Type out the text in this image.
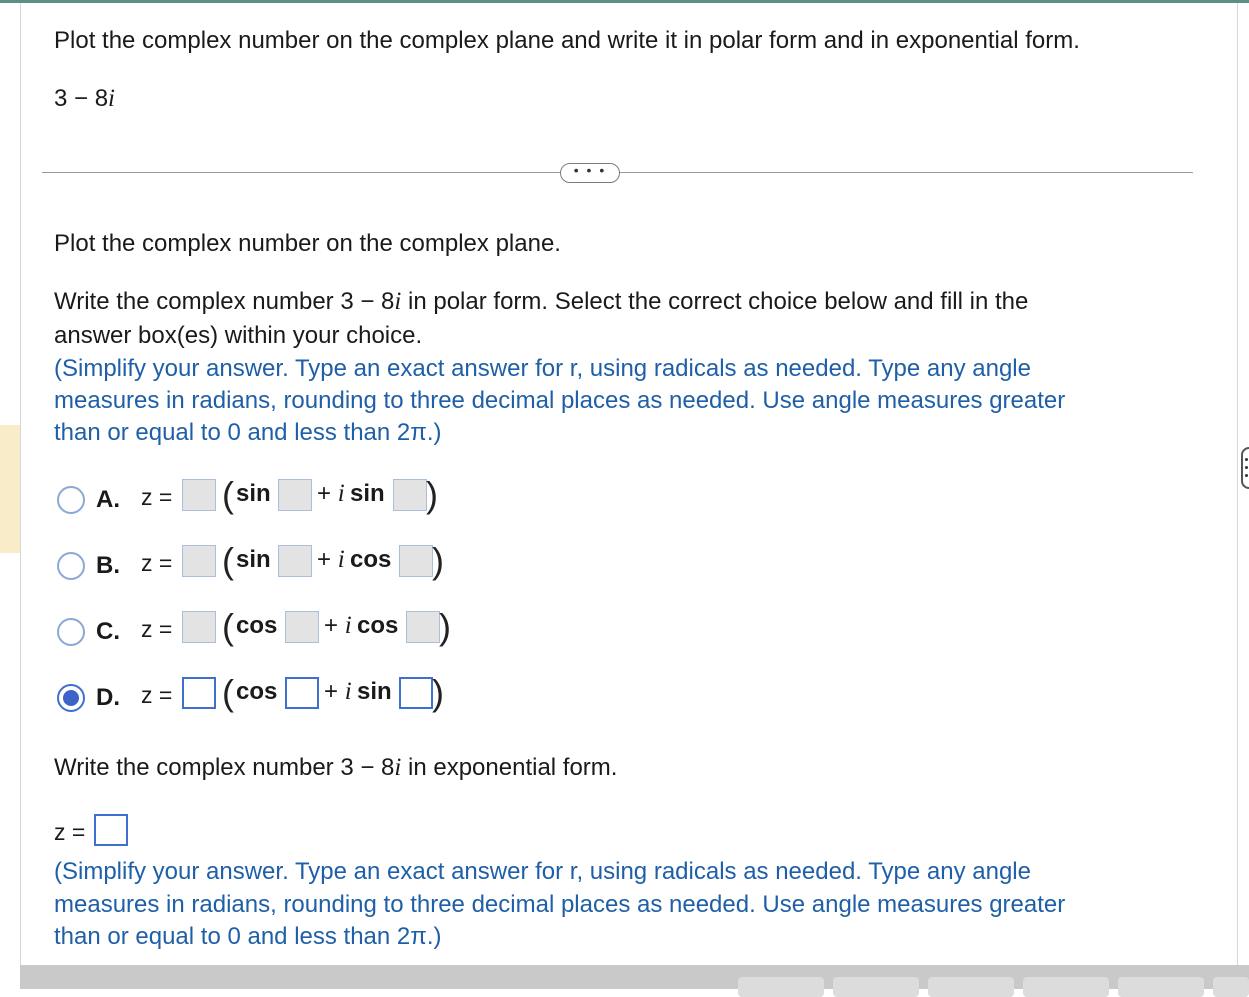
Plot the complex number on the complex plane and write it in polar form and in exponential form.
3 − 8i
• • •
Plot the complex number on the complex plane.
Write the complex number 3 − 8i in polar form. Select the correct choice below and fill in the
answer box(es) within your choice.
(Simplify your answer. Type an exact answer for r, using radicals as needed. Type any angle
measures in radians, rounding to three decimal places as needed. Use angle measures greater
than or equal to 0 and less than 2π.)
A. z = ( sin + i sin )
B. z = ( sin + i cos )
C. z = ( cos + i cos )
D. z = ( cos + i sin )
Write the complex number 3 − 8i in exponential form.
z =
(Simplify your answer. Type an exact answer for r, using radicals as needed. Type any angle
measures in radians, rounding to three decimal places as needed. Use angle measures greater
than or equal to 0 and less than 2π.)
